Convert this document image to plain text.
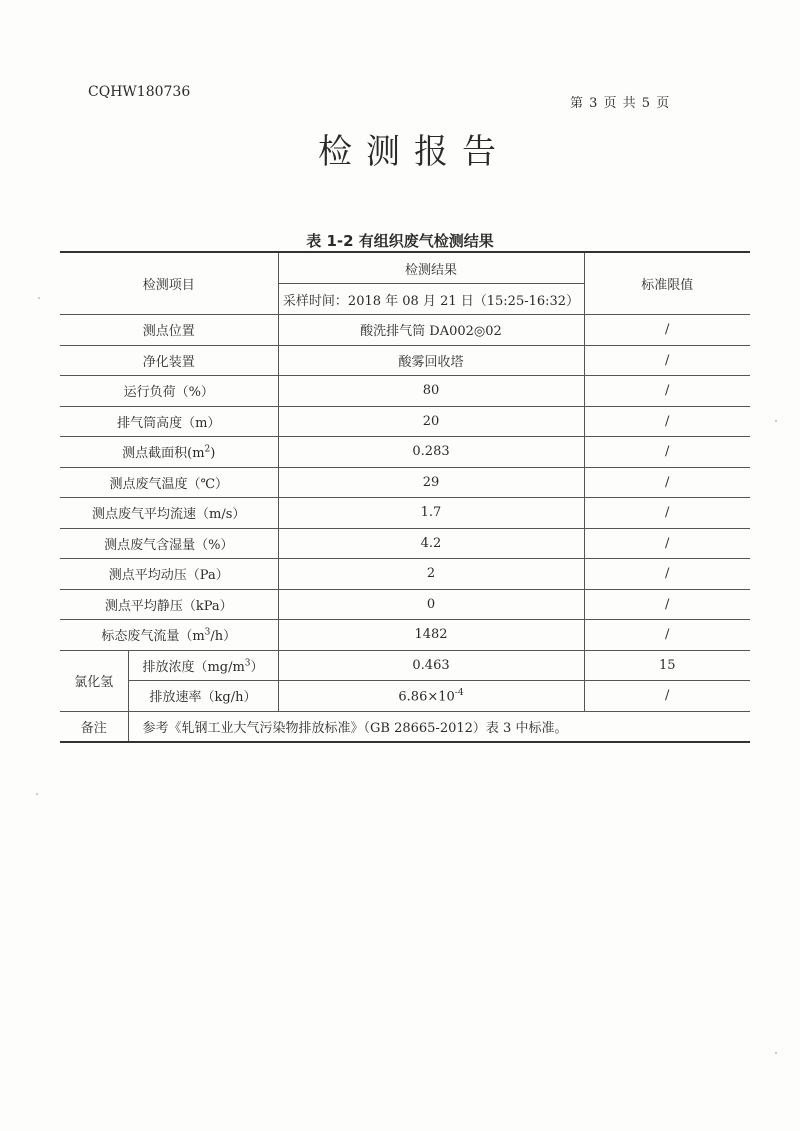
CQHW180736
第 3 页 共 5 页
检测报告
表 1-2 有组织废气检测结果
检测项目		检测结果	标准限值
		采样时间：2018 年 08 月 21 日（15:25-16:32）	
测点位置		酸洗排气筒 DA002◎02	/
净化装置		酸雾回收塔	/
运行负荷（%）		80	/
排气筒高度（m）		20	/
测点截面积$(m^2)$		0.283	/
测点废气温度（℃）		29	/
测点废气平均流速（m/s）		1.7	/
测点废气含湿量（%）		4.2	/
测点平均动压（Pa）		2	/
测点平均静压（kPa）		0	/
标态废气流量$(m^3/h)$		1482	/
氯化氢	排放浓度$(mg/m^3)$	0.463	15
	排放速率（kg/h）	$6.86\times 10^{-4}$	/
备注	参考《轧钢工业大气污染物排放标准》（GB 28665-2012）表 3 中标准。		
